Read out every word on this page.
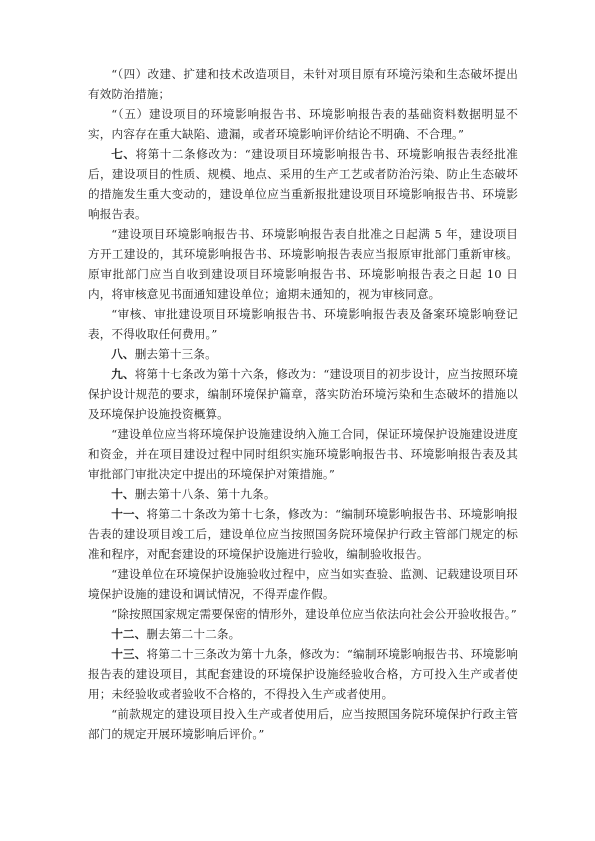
“（四）改建、扩建和技术改造项目，未针对项目原有环境污染和生态破坏提出有效防治措施；

“（五）建设项目的环境影响报告书、环境影响报告表的基础资料数据明显不实，内容存在重大缺陷、遗漏，或者环境影响评价结论不明确、不合理。”

七、将第十二条修改为：“建设项目环境影响报告书、环境影响报告表经批准后，建设项目的性质、规模、地点、采用的生产工艺或者防治污染、防止生态破坏的措施发生重大变动的，建设单位应当重新报批建设项目环境影响报告书、环境影响报告表。

“建设项目环境影响报告书、环境影响报告表自批准之日起满 5 年，建设项目方开工建设的，其环境影响报告书、环境影响报告表应当报原审批部门重新审核。原审批部门应当自收到建设项目环境影响报告书、环境影响报告表之日起 10 日内，将审核意见书面通知建设单位；逾期未通知的，视为审核同意。

“审核、审批建设项目环境影响报告书、环境影响报告表及备案环境影响登记表，不得收取任何费用。”

八、删去第十三条。

九、将第十七条改为第十六条，修改为：“建设项目的初步设计，应当按照环境保护设计规范的要求，编制环境保护篇章，落实防治环境污染和生态破坏的措施以及环境保护设施投资概算。

“建设单位应当将环境保护设施建设纳入施工合同，保证环境保护设施建设进度和资金，并在项目建设过程中同时组织实施环境影响报告书、环境影响报告表及其审批部门审批决定中提出的环境保护对策措施。”

十、删去第十八条、第十九条。

十一、将第二十条改为第十七条，修改为：“编制环境影响报告书、环境影响报告表的建设项目竣工后，建设单位应当按照国务院环境保护行政主管部门规定的标准和程序，对配套建设的环境保护设施进行验收，编制验收报告。

“建设单位在环境保护设施验收过程中，应当如实查验、监测、记载建设项目环境保护设施的建设和调试情况，不得弄虚作假。

“除按照国家规定需要保密的情形外，建设单位应当依法向社会公开验收报告。”

十二、删去第二十二条。

十三、将第二十三条改为第十九条，修改为：“编制环境影响报告书、环境影响报告表的建设项目，其配套建设的环境保护设施经验收合格，方可投入生产或者使用；未经验收或者验收不合格的，不得投入生产或者使用。

“前款规定的建设项目投入生产或者使用后，应当按照国务院环境保护行政主管部门的规定开展环境影响后评价。”
